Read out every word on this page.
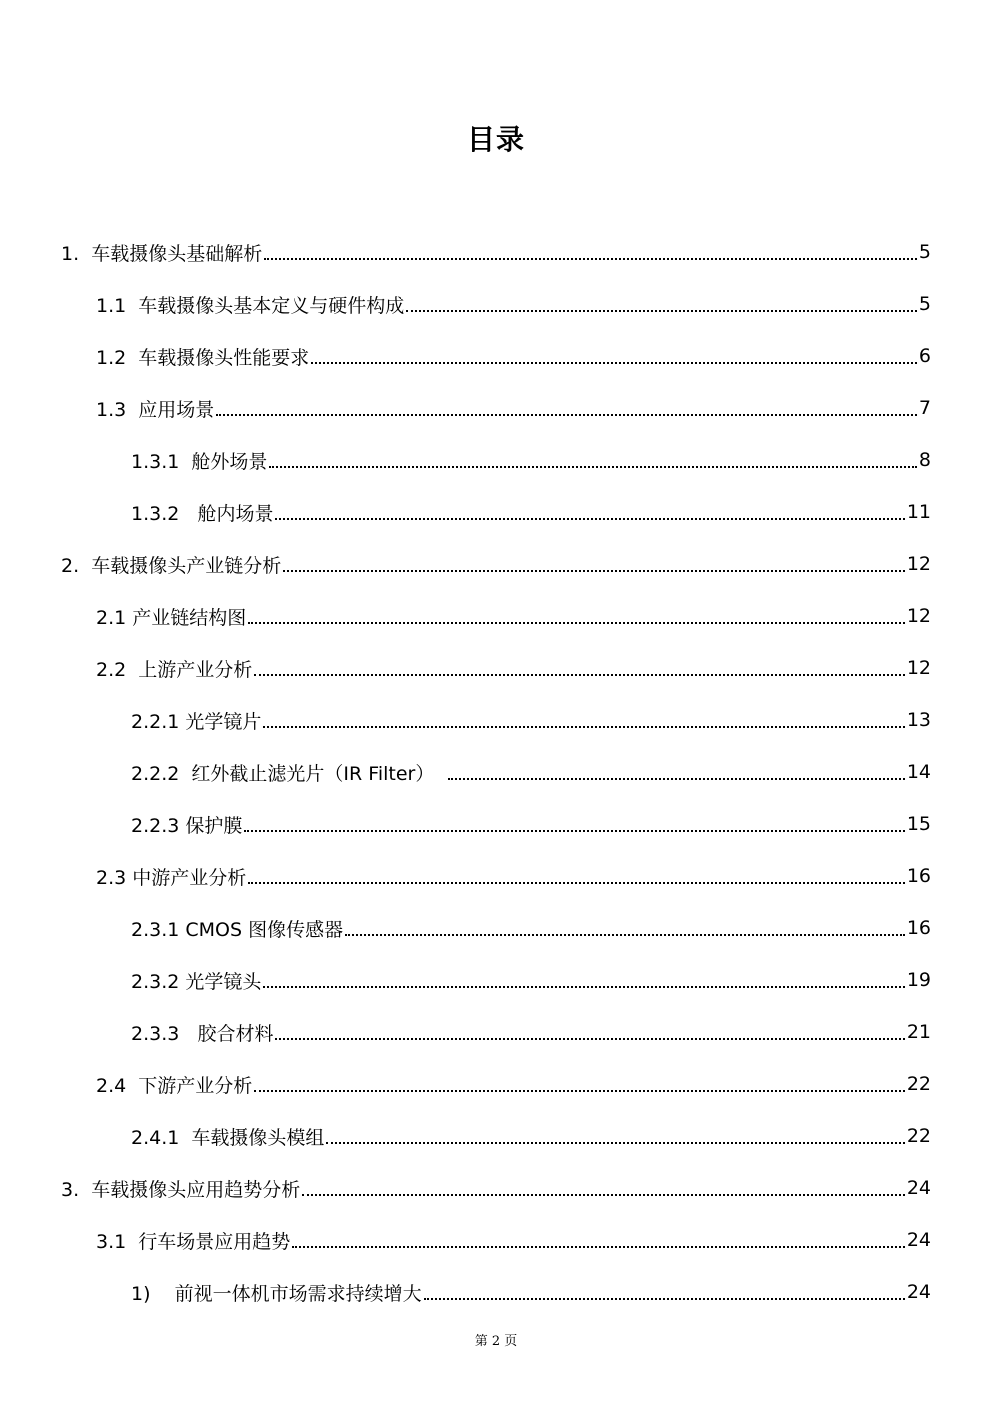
目录
1.  车载摄像头基础解析	5
1.1  车载摄像头基本定义与硬件构成	5
1.2  车载摄像头性能要求	6
1.3  应用场景	7
1.3.1  舱外场景	8
1.3.2   舱内场景	11
2.  车载摄像头产业链分析	12
2.1 产业链结构图	12
2.2  上游产业分析	12
2.2.1 光学镜片	13
2.2.2  红外截止滤光片（IR Filter）	14
2.2.3 保护膜	15
2.3 中游产业分析	16
2.3.1 CMOS 图像传感器	16
2.3.2 光学镜头	19
2.3.3   胶合材料	21
2.4  下游产业分析	22
2.4.1  车载摄像头模组	22
3.  车载摄像头应用趋势分析	24
3.1  行车场景应用趋势	24
1)    前视一体机市场需求持续增大	24
第 2 页
